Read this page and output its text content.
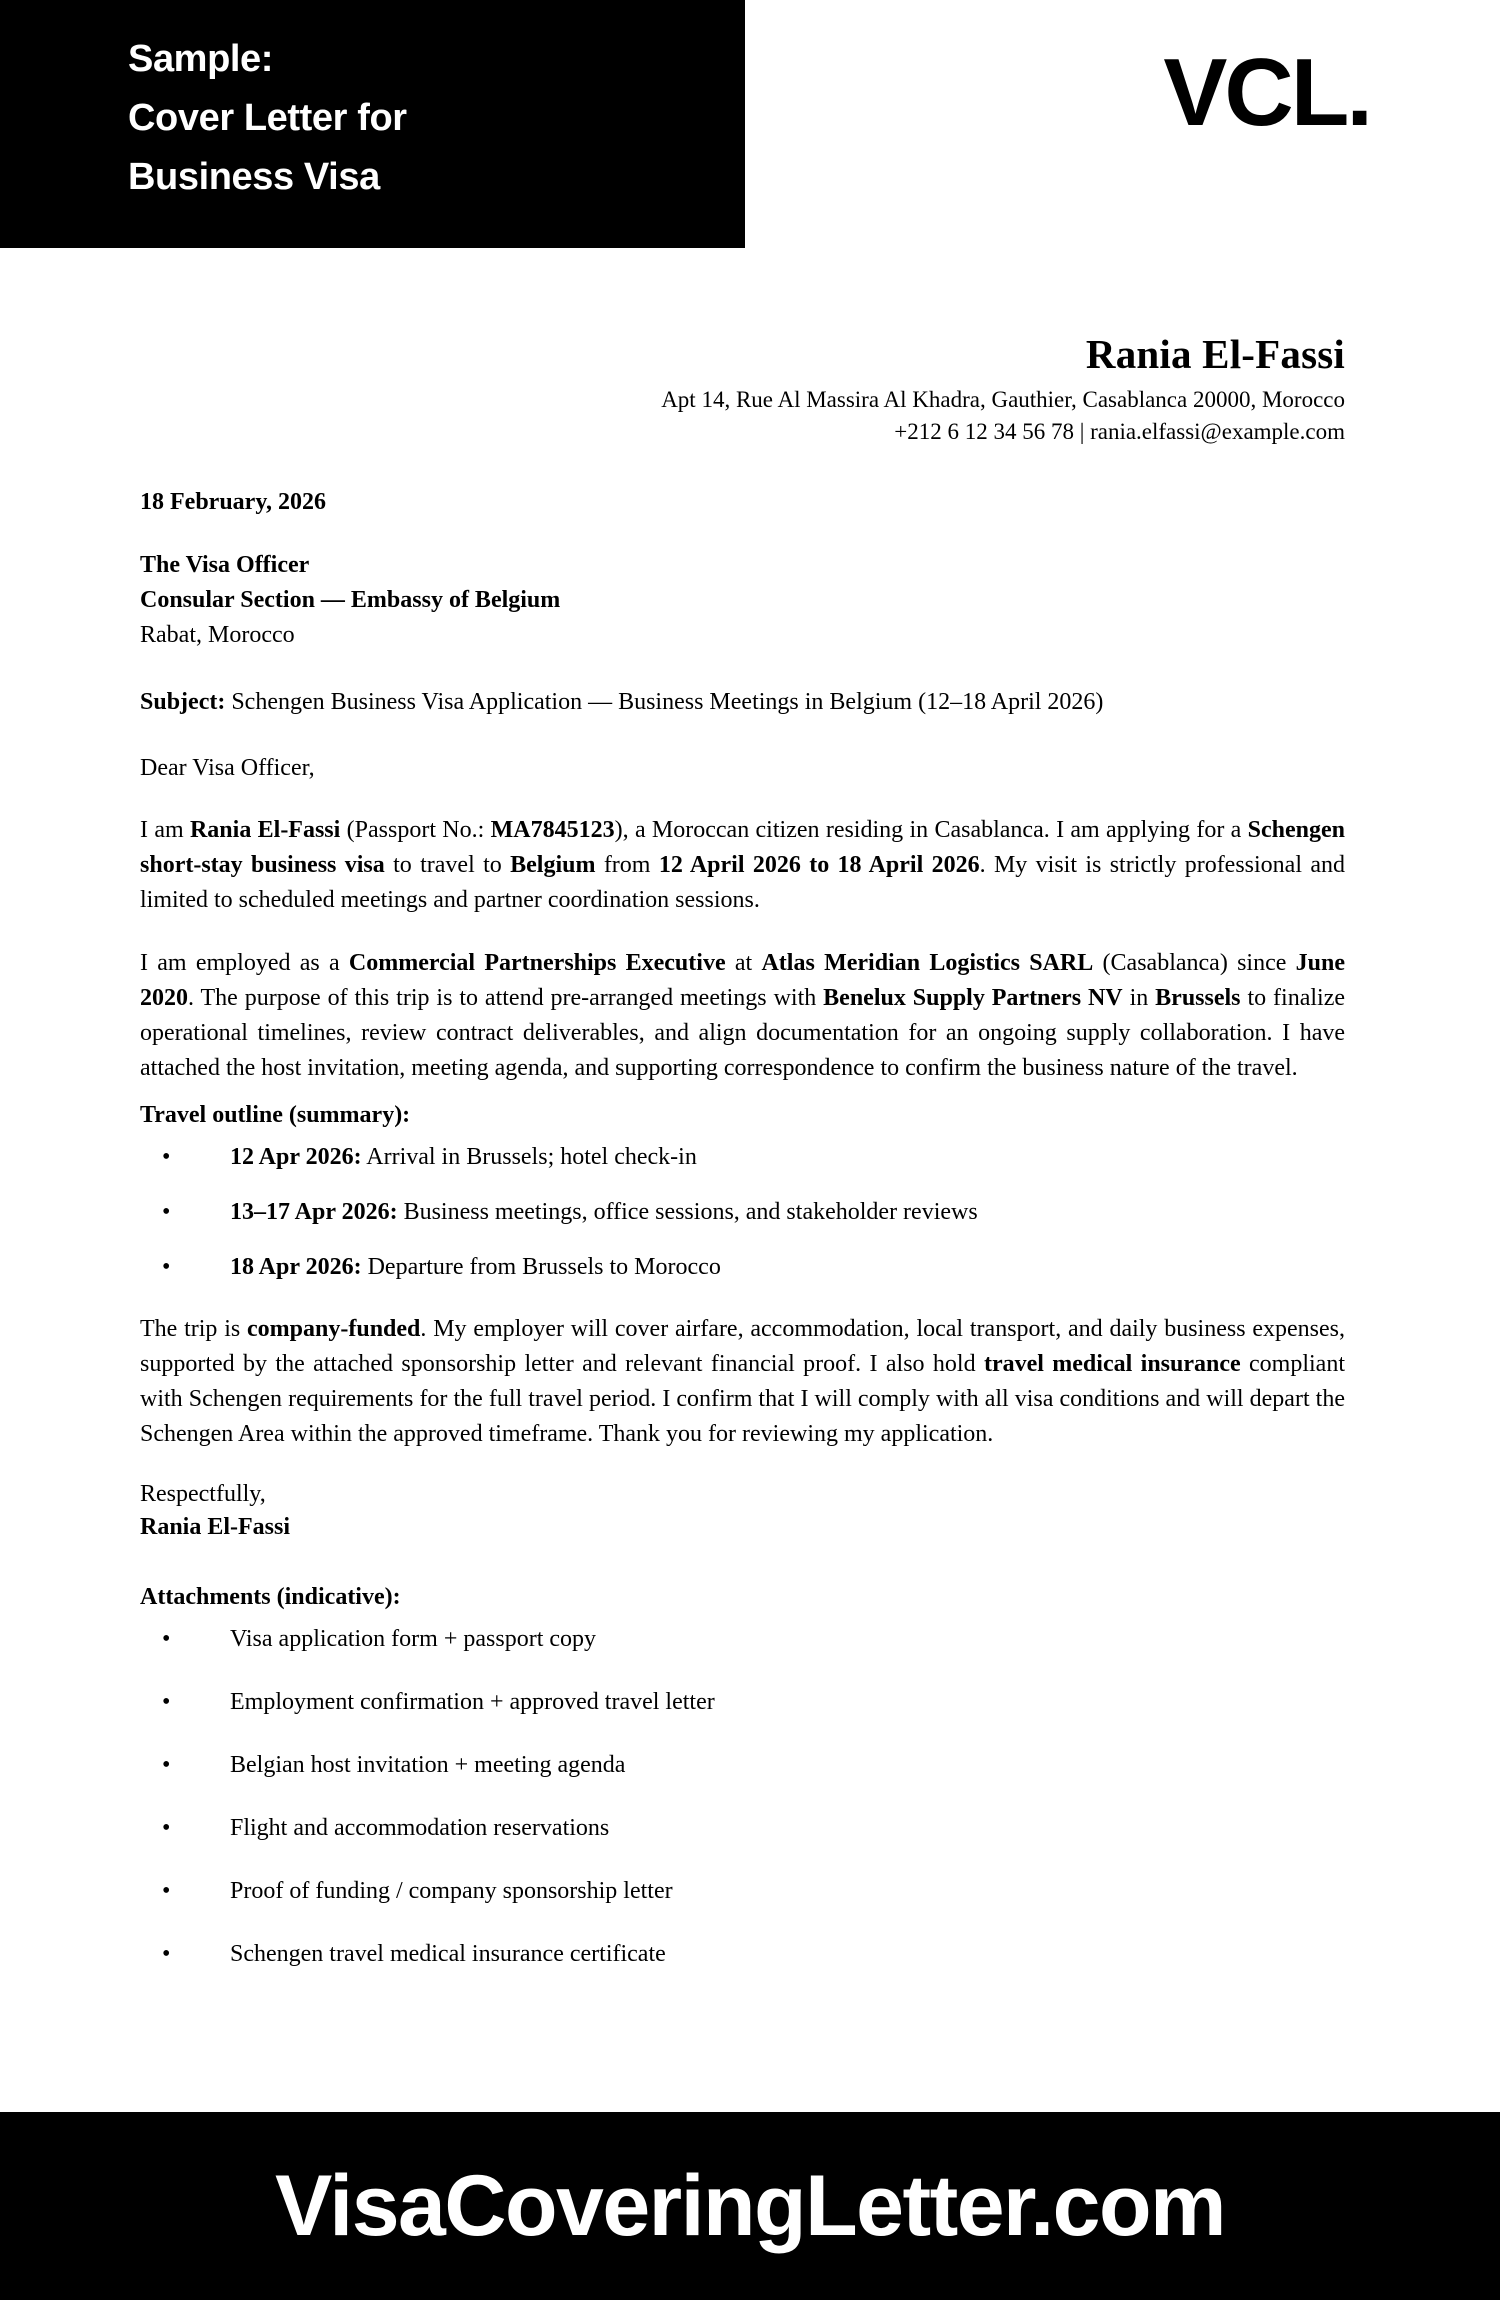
Sample:
Cover Letter for
Business Visa
VCL.
Rania El-Fassi
Apt 14, Rue Al Massira Al Khadra, Gauthier, Casablanca 20000, Morocco
+212 6 12 34 56 78 | rania.elfassi@example.com
18 February, 2026

The Visa Officer

Consular Section — Embassy of Belgium

Rabat, Morocco

Subject: Schengen Business Visa Application — Business Meetings in Belgium (12–18 April 2026)

Dear Visa Officer,

I am Rania El-Fassi (Passport No.: MA7845123), a Moroccan citizen residing in Casablanca. I am applying for a Schengen short-stay business visa to travel to Belgium from 12 April 2026 to 18 April 2026. My visit is strictly professional and limited to scheduled meetings and partner coordination sessions.

I am employed as a Commercial Partnerships Executive at Atlas Meridian Logistics SARL (Casablanca) since June 2020. The purpose of this trip is to attend pre-arranged meetings with Benelux Supply Partners NV in Brussels to finalize operational timelines, review contract deliverables, and align documentation for an ongoing supply collaboration. I have attached the host invitation, meeting agenda, and supporting correspondence to confirm the business nature of the travel.

Travel outline (summary):

• 12 Apr 2026: Arrival in Brussels; hotel check-in
• 13–17 Apr 2026: Business meetings, office sessions, and stakeholder reviews
• 18 Apr 2026: Departure from Brussels to Morocco

The trip is company-funded. My employer will cover airfare, accommodation, local transport, and daily business expenses, supported by the attached sponsorship letter and relevant financial proof. I also hold travel medical insurance compliant with Schengen requirements for the full travel period. I confirm that I will comply with all visa conditions and will depart the Schengen Area within the approved timeframe. Thank you for reviewing my application.

Respectfully,

Rania El-Fassi

Attachments (indicative):

• Visa application form + passport copy
• Employment confirmation + approved travel letter
• Belgian host invitation + meeting agenda
• Flight and accommodation reservations
• Proof of funding / company sponsorship letter
• Schengen travel medical insurance certificate
VisaCoveringLetter.com
